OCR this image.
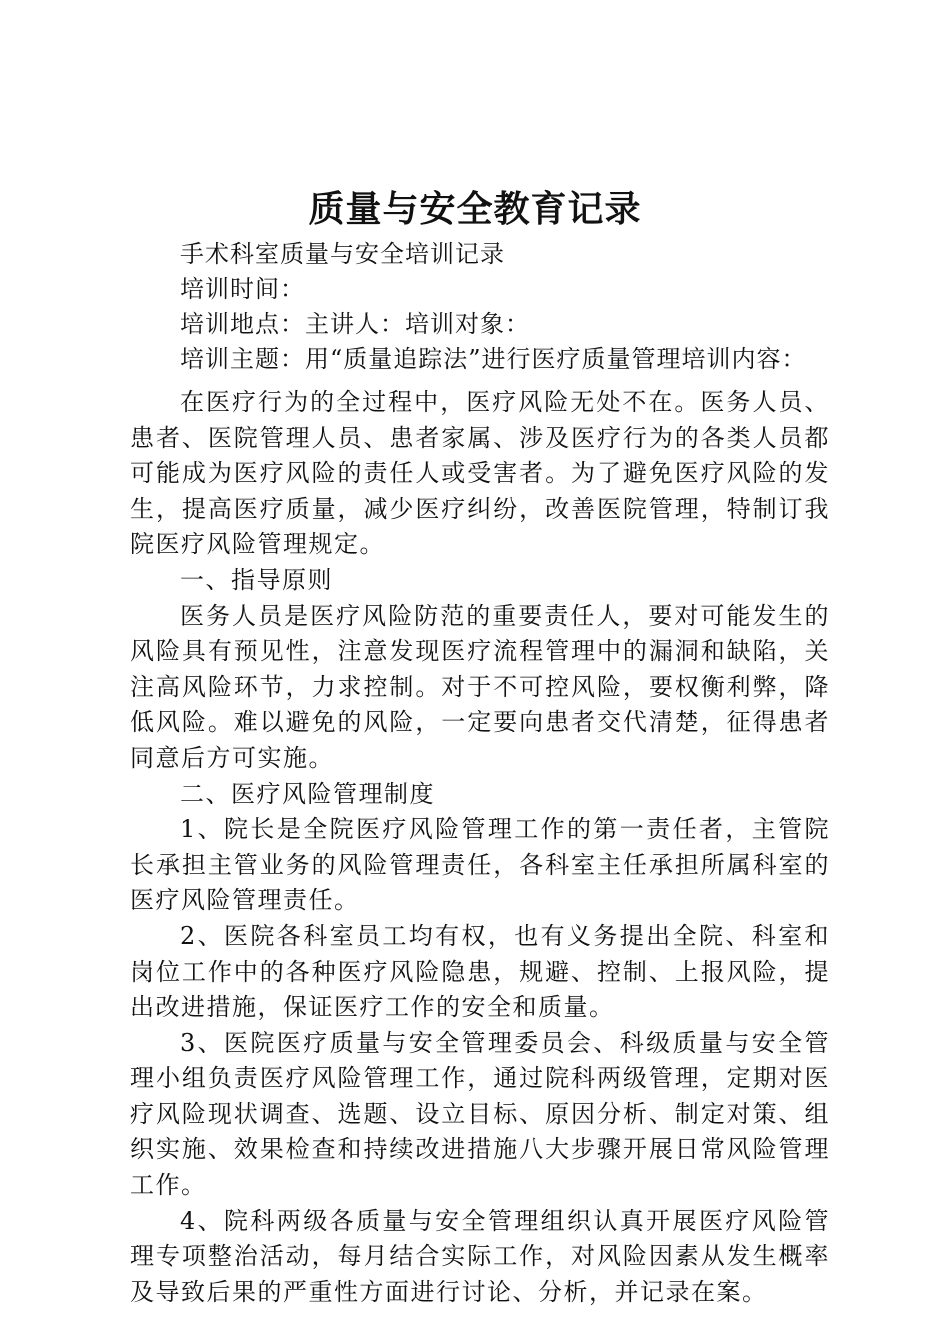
质量与安全教育记录

手术科室质量与安全培训记录

培训时间：

培训地点：主讲人：培训对象：

培训主题：用“质量追踪法”进行医疗质量管理培训内容：

在医疗行为的全过程中，医疗风险无处不在。医务人员、患者、医院管理人员、患者家属、涉及医疗行为的各类人员都可能成为医疗风险的责任人或受害者。为了避免医疗风险的发生，提高医疗质量，减少医疗纠纷，改善医院管理，特制订我院医疗风险管理规定。

一、指导原则

医务人员是医疗风险防范的重要责任人，要对可能发生的风险具有预见性，注意发现医疗流程管理中的漏洞和缺陷，关注高风险环节，力求控制。对于不可控风险，要权衡利弊，降低风险。难以避免的风险，一定要向患者交代清楚，征得患者同意后方可实施。

二、医疗风险管理制度

1、院长是全院医疗风险管理工作的第一责任者，主管院长承担主管业务的风险管理责任，各科室主任承担所属科室的医疗风险管理责任。

2、医院各科室员工均有权，也有义务提出全院、科室和岗位工作中的各种医疗风险隐患，规避、控制、上报风险，提出改进措施，保证医疗工作的安全和质量。

3、医院医疗质量与安全管理委员会、科级质量与安全管理小组负责医疗风险管理工作，通过院科两级管理，定期对医疗风险现状调查、选题、设立目标、原因分析、制定对策、组织实施、效果检查和持续改进措施八大步骤开展日常风险管理工作。

4、院科两级各质量与安全管理组织认真开展医疗风险管理专项整治活动，每月结合实际工作，对风险因素从发生概率及导致后果的严重性方面进行讨论、分析，并记录在案。
